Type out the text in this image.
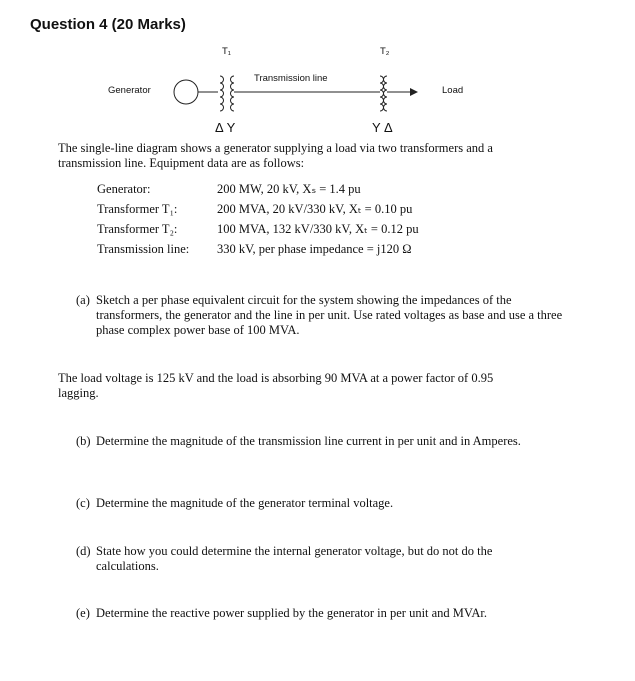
Question 4 (20 Marks)
T₁	T₂
Generator
Transmission line
Load
Δ Y	Y Δ
The single-line diagram shows a generator supplying a load via two transformers and a transmission line. Equipment data are as follows:
Generator:	200 MW, 20 kV, Xₛ = 1.4 pu
Transformer T₁:	200 MVA, 20 kV/330 kV, Xₜ = 0.10 pu
Transformer T₂:	100 MVA, 132 kV/330 kV, Xₜ = 0.12 pu
Transmission line: 330 kV, per phase impedance = j120 Ω
(a) Sketch a per phase equivalent circuit for the system showing the impedances of the transformers, the generator and the line in per unit. Use rated voltages as base and use a three phase complex power base of 100 MVA.
The load voltage is 125 kV and the load is absorbing 90 MVA at a power factor of 0.95 lagging.
(b) Determine the magnitude of the transmission line current in per unit and in Amperes.
(c) Determine the magnitude of the generator terminal voltage.
(d) State how you could determine the internal generator voltage, but do not do the calculations.
(e) Determine the reactive power supplied by the generator in per unit and MVAr.
